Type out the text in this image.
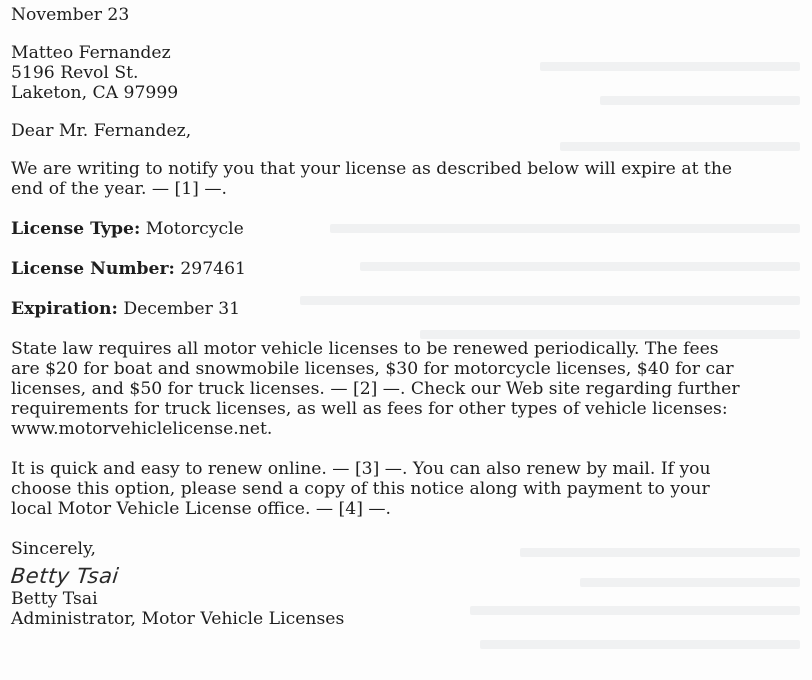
November 23
Matteo Fernandez
5196 Revol St.
Laketon, CA 97999
Dear Mr. Fernandez,
We are writing to notify you that your license as described below will expire at the
end of the year. — [1] —.
License Type: Motorcycle
License Number: 297461
Expiration: December 31
State law requires all motor vehicle licenses to be renewed periodically. The fees
are $20 for boat and snowmobile licenses, $30 for motorcycle licenses, $40 for car
licenses, and $50 for truck licenses. — [2] —. Check our Web site regarding further
requirements for truck licenses, as well as fees for other types of vehicle licenses:
www.motorvehiclelicense.net.
It is quick and easy to renew online. — [3] —. You can also renew by mail. If you
choose this option, please send a copy of this notice along with payment to your
local Motor Vehicle License office. — [4] —.
Sincerely,
Betty Tsai
Betty Tsai
Administrator, Motor Vehicle Licenses
